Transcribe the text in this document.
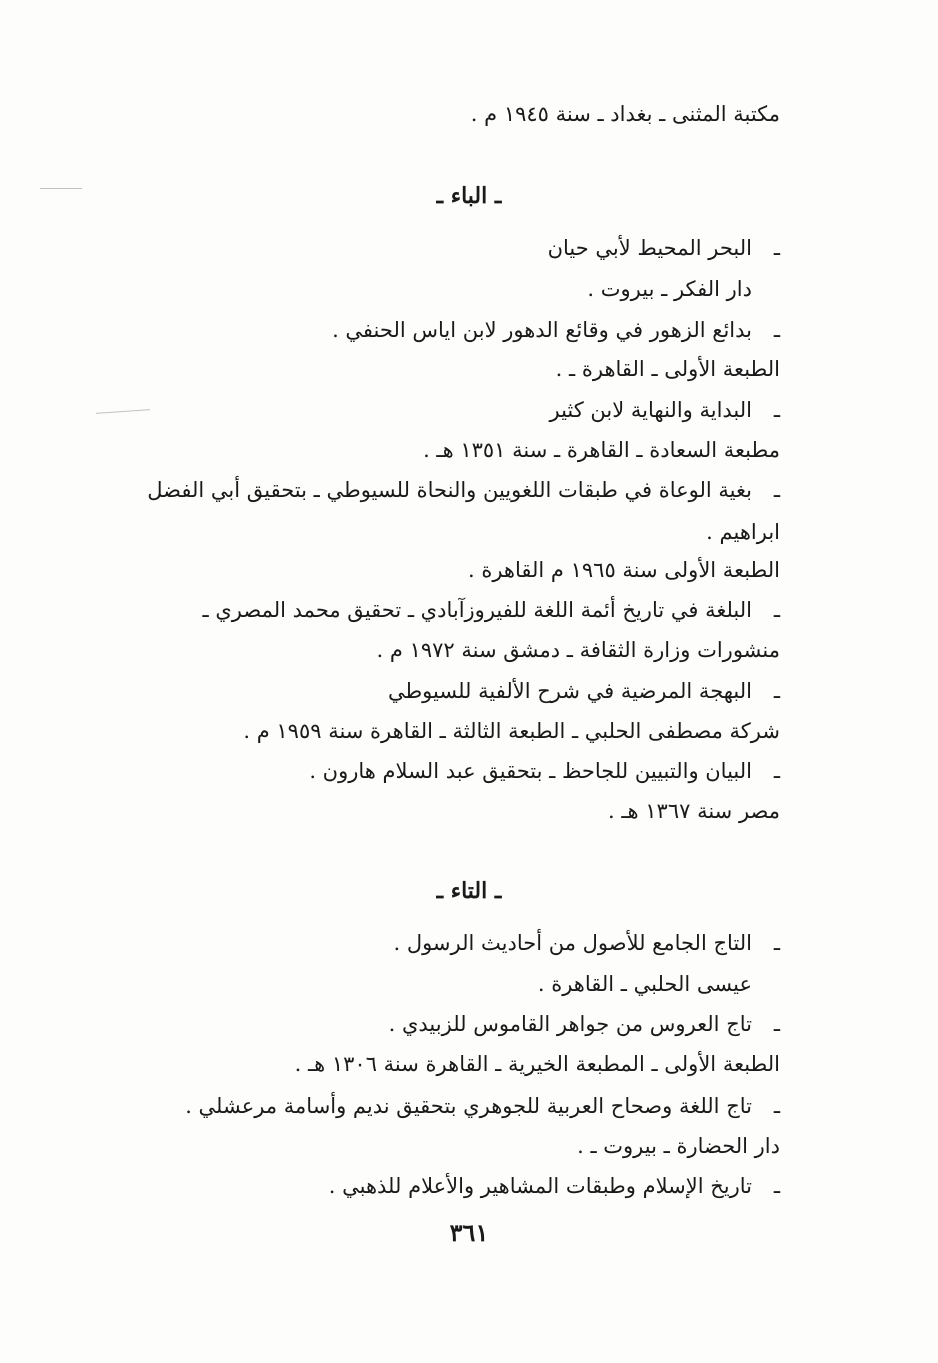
مكتبة المثنى ـ بغداد ـ سنة ١٩٤٥ م .
ـ الباء ـ
ـالبحر المحيط لأبي حيان
دار الفكر ـ بيروت .
ـبدائع الزهور في وقائع الدهور لابن اياس الحنفي .
الطبعة الأولى ـ القاهرة ـ .
ـالبداية والنهاية لابن كثير
مطبعة السعادة ـ القاهرة ـ سنة ١٣٥١ هـ .
ـبغية الوعاة في طبقات اللغويين والنحاة للسيوطي ـ بتحقيق أبي الفضل
ابراهيم .
الطبعة الأولى سنة ١٩٦٥ م القاهرة .
ـالبلغة في تاريخ أئمة اللغة للفيروزآبادي ـ تحقيق محمد المصري ـ
منشورات وزارة الثقافة ـ دمشق سنة ١٩٧٢ م .
ـالبهجة المرضية في شرح الألفية للسيوطي
شركة مصطفى الحلبي ـ الطبعة الثالثة ـ القاهرة سنة ١٩٥٩ م .
ـالبيان والتبيين للجاحظ ـ بتحقيق عبد السلام هارون .
مصر سنة ١٣٦٧ هـ .
ـ التاء ـ
ـالتاج الجامع للأصول من أحاديث الرسول .
عيسى الحلبي ـ القاهرة .
ـتاج العروس من جواهر القاموس للزبيدي .
الطبعة الأولى ـ المطبعة الخيرية ـ القاهرة سنة ١٣٠٦ هـ .
ـتاج اللغة وصحاح العربية للجوهري بتحقيق نديم وأسامة مرعشلي .
دار الحضارة ـ بيروت ـ .
ـتاريخ الإسلام وطبقات المشاهير والأعلام للذهبي .
٣٦١
